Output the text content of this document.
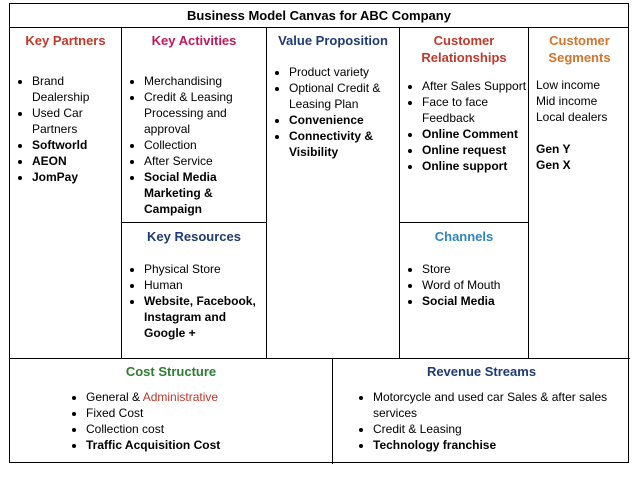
Business Model Canvas for ABC Company
Key Partners
• Brand Dealership
• Used Car Partners
• Softworld
• AEON
• JomPay
Key Activities
• Merchandising
• Credit & Leasing Processing and approval
• Collection
• After Service
• Social Media Marketing & Campaign
Key Resources
• Physical Store
• Human
• Website, Facebook, Instagram and Google +
Value Proposition
• Product variety
• Optional Credit & Leasing Plan
• Convenience
• Connectivity & Visibility
Customer Relationships
• After Sales Support
• Face to face Feedback
• Online Comment
• Online request
• Online support
Channels
• Store
• Word of Mouth
• Social Media
Customer Segments
Low income
Mid income
Local dealers
Gen Y
Gen X
Cost Structure
• General & Administrative
• Fixed Cost
• Collection cost
• Traffic Acquisition Cost
Revenue Streams
• Motorcycle and used car Sales & after sales services
• Credit & Leasing
• Technology franchise
